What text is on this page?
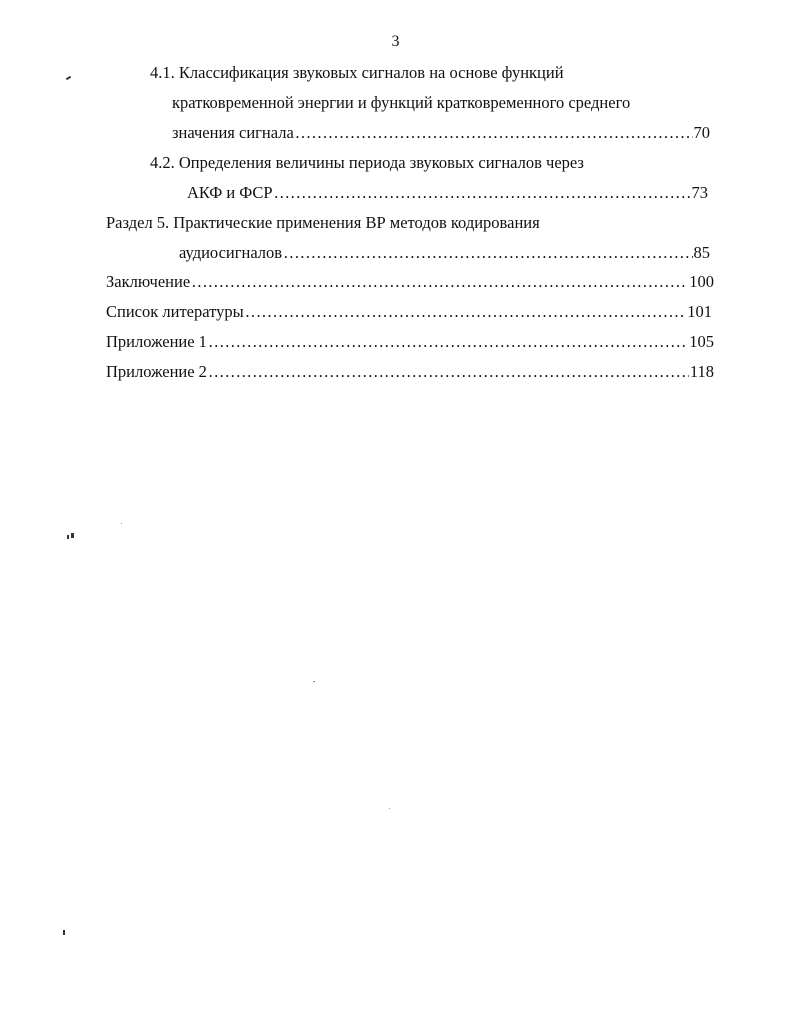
3
4.1. Классификация звуковых сигналов на основе функций
кратковременной энергии и функций кратковременного среднего
значения сигнала …………………………………………………………………………………………………………………………………………………………………………………………	70
4.2. Определения величины периода звуковых сигналов через
АКФ и ФСР …………………………………………………………………………………………………………………………………………………………………………………………	73
Раздел 5. Практические применения ВР методов кодирования
аудиосигналов …………………………………………………………………………………………………………………………………………………………………………………………	85
Заключение …………………………………………………………………………………………………………………………………………………………………………………………	100
Список литературы …………………………………………………………………………………………………………………………………………………………………………………………	101
Приложение 1 …………………………………………………………………………………………………………………………………………………………………………………………	105
Приложение 2 …………………………………………………………………………………………………………………………………………………………………………………………	118
